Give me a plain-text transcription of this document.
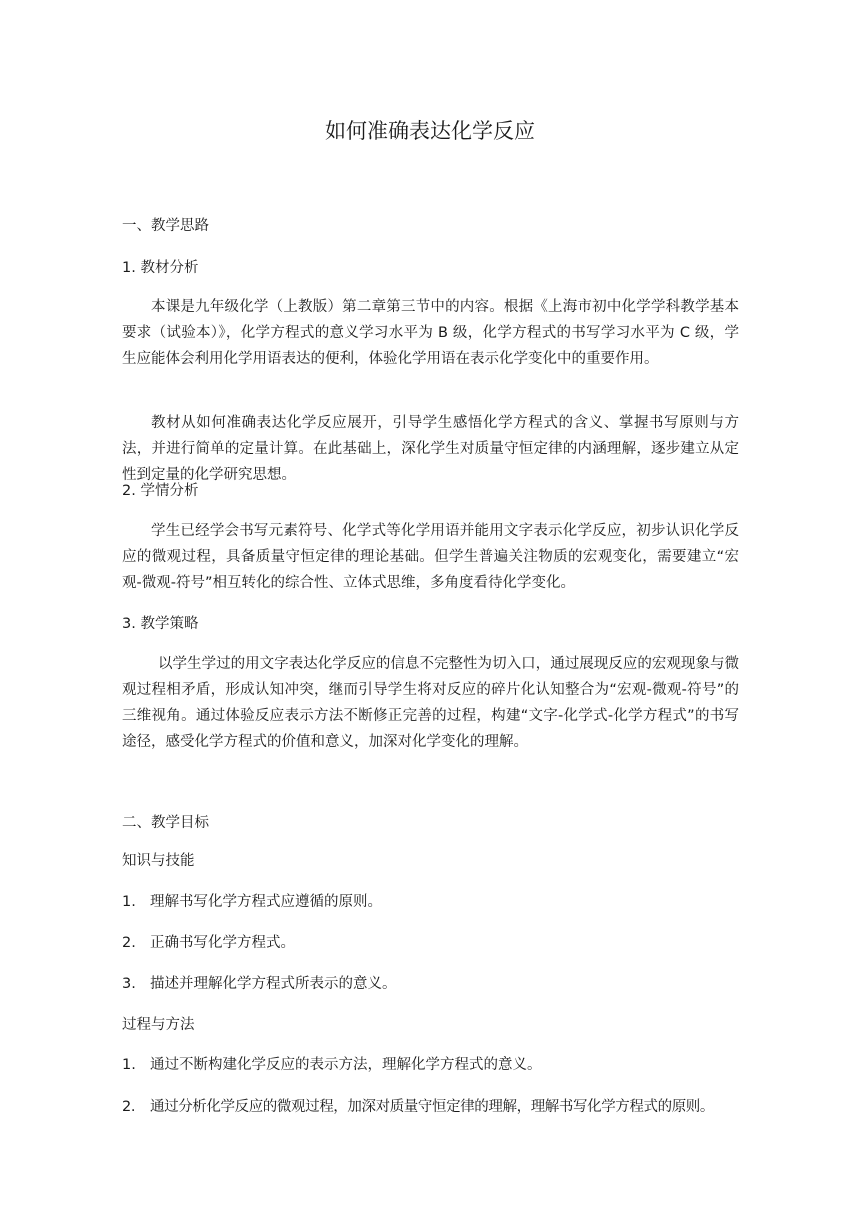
如何准确表达化学反应
一、教学思路
1. 教材分析
本课是九年级化学（上教版）第二章第三节中的内容。根据《上海市初中化学学科教学基本要求（试验本）》，化学方程式的意义学习水平为 B 级，化学方程式的书写学习水平为 C 级，学生应能体会利用化学用语表达的便利，体验化学用语在表示化学变化中的重要作用。
教材从如何准确表达化学反应展开，引导学生感悟化学方程式的含义、掌握书写原则与方法，并进行简单的定量计算。在此基础上，深化学生对质量守恒定律的内涵理解，逐步建立从定性到定量的化学研究思想。
2. 学情分析
学生已经学会书写元素符号、化学式等化学用语并能用文字表示化学反应，初步认识化学反应的微观过程，具备质量守恒定律的理论基础。但学生普遍关注物质的宏观变化，需要建立“宏观-微观-符号”相互转化的综合性、立体式思维，多角度看待化学变化。
3. 教学策略
以学生学过的用文字表达化学反应的信息不完整性为切入口，通过展现反应的宏观现象与微观过程相矛盾，形成认知冲突，继而引导学生将对反应的碎片化认知整合为“宏观-微观-符号”的三维视角。通过体验反应表示方法不断修正完善的过程，构建“文字-化学式-化学方程式”的书写途径，感受化学方程式的价值和意义，加深对化学变化的理解。
二、教学目标
知识与技能
1. 理解书写化学方程式应遵循的原则。
2. 正确书写化学方程式。
3. 描述并理解化学方程式所表示的意义。
过程与方法
1. 通过不断构建化学反应的表示方法，理解化学方程式的意义。
2. 通过分析化学反应的微观过程，加深对质量守恒定律的理解，理解书写化学方程式的原则。
